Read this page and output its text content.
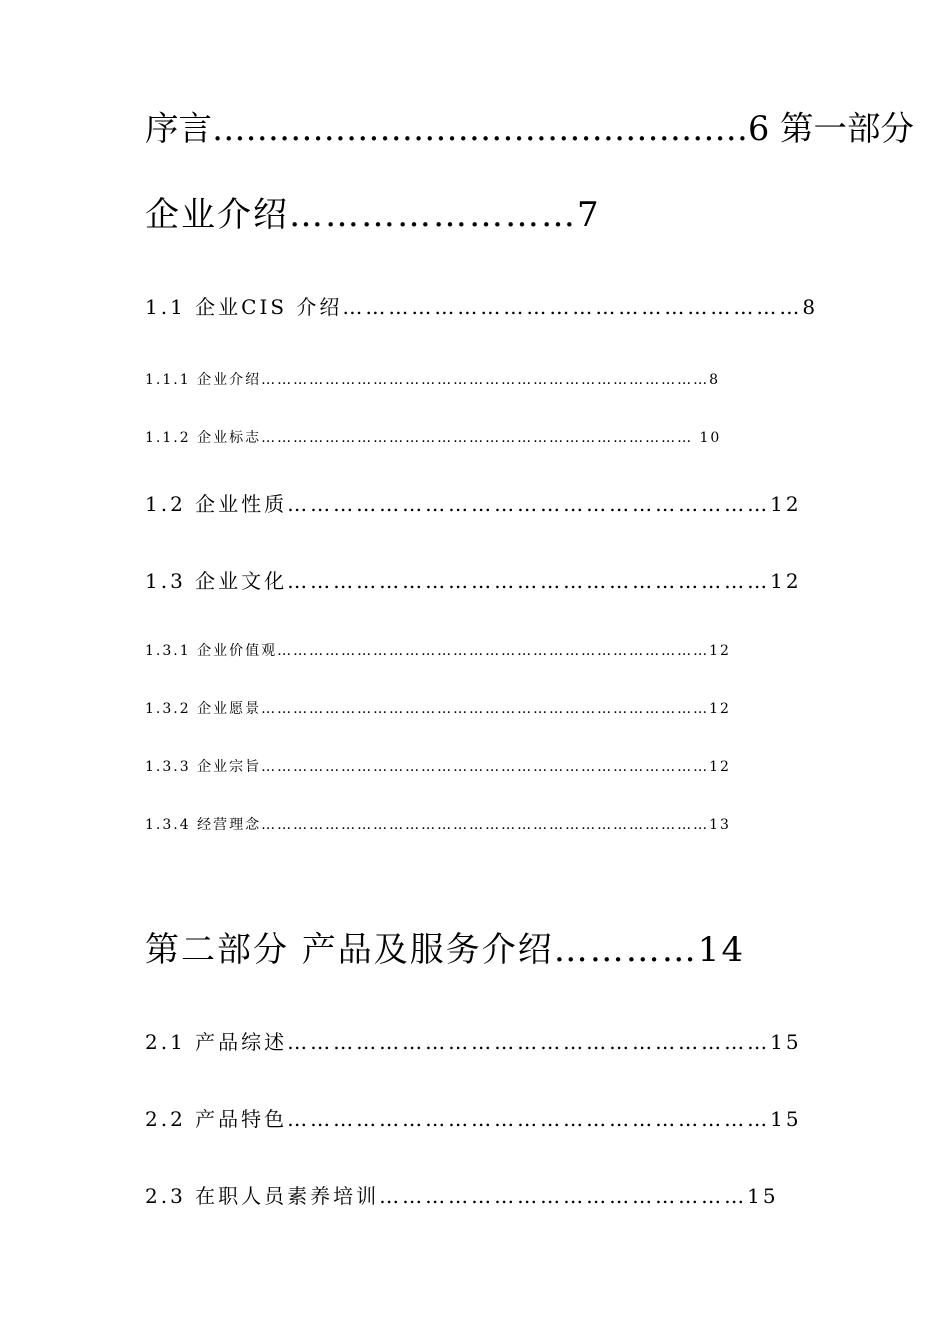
序言…………………………………………6 第一部分
企业介绍……………………7
1.1 企业CIS 介绍……………………………………………………8
1.1.1 企业介绍…………………………………………………………………………8
1.1.2 企业标志……………………………………………………………………… 10
1.2 企业性质………………………………………………………12
1.3 企业文化………………………………………………………12
1.3.1 企业价值观………………………………………………………………………12
1.3.2 企业愿景…………………………………………………………………………12
1.3.3 企业宗旨…………………………………………………………………………12
1.3.4 经营理念…………………………………………………………………………13
第二部分 产品及服务介绍…………14
2.1 产品综述………………………………………………………15
2.2 产品特色………………………………………………………15
2.3 在职人员素养培训…………………………………………15
